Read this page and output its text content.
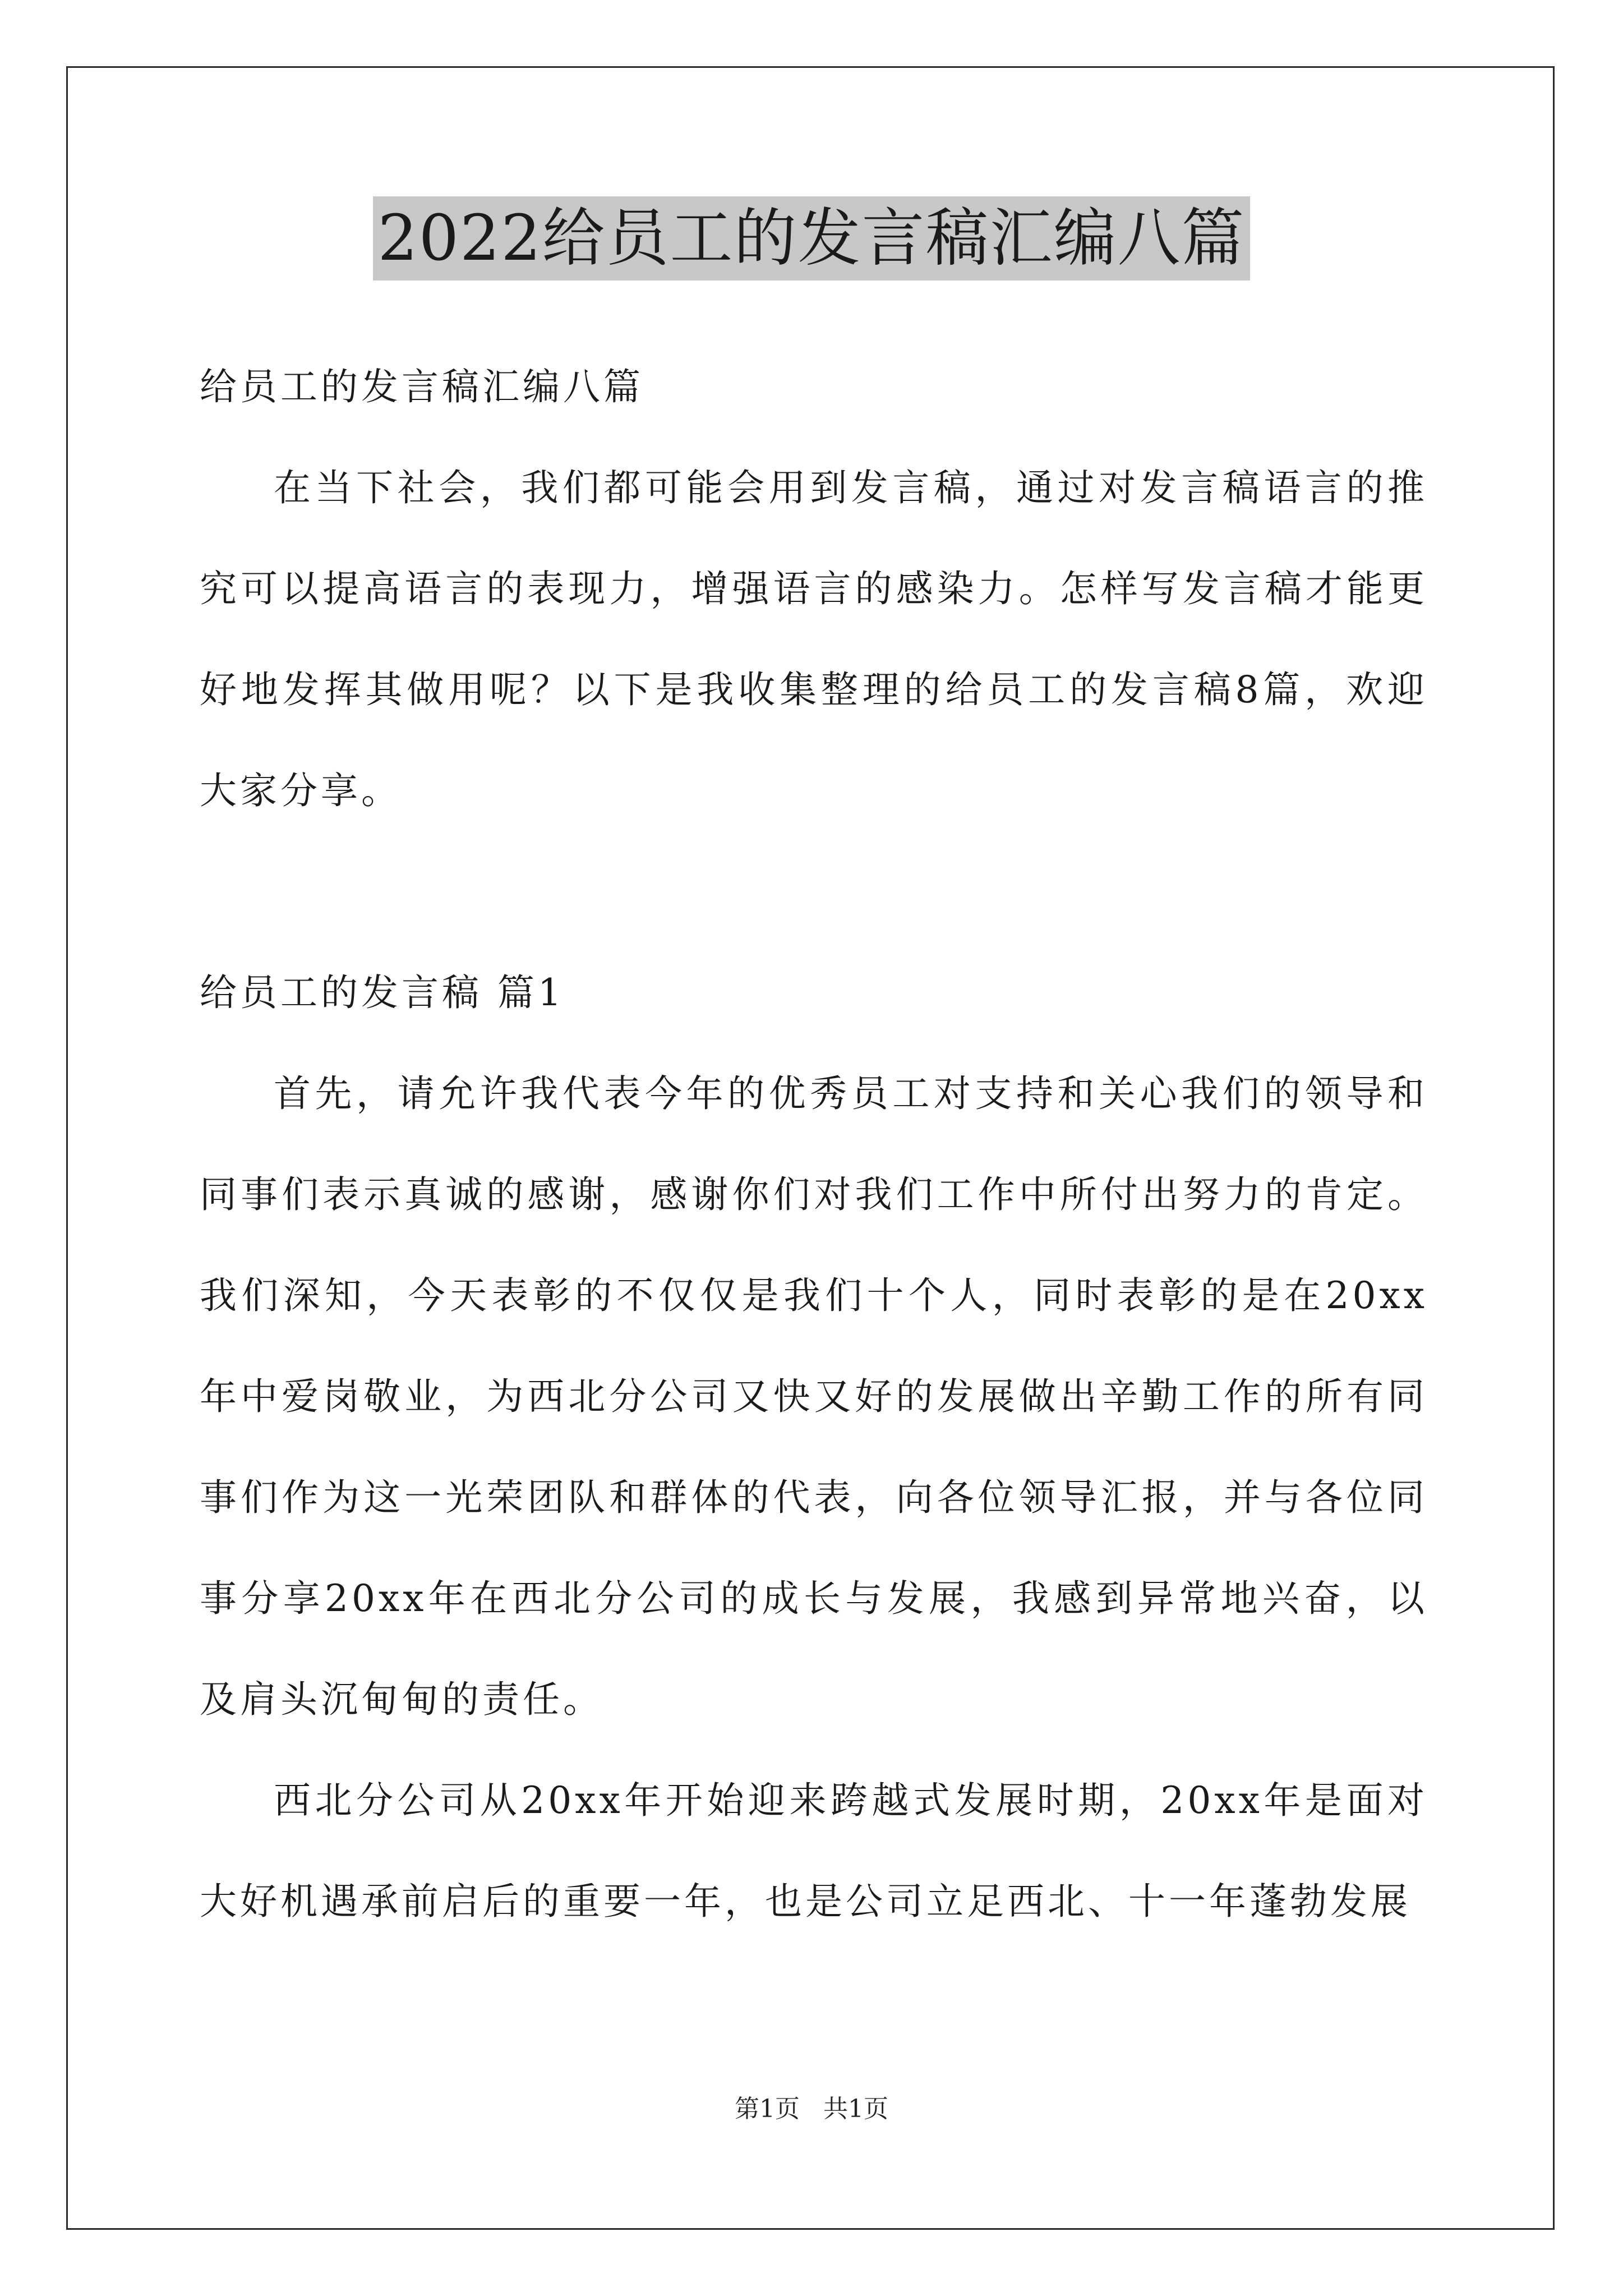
2022给员工的发言稿汇编八篇

给员工的发言稿汇编八篇

在当下社会，我们都可能会用到发言稿，通过对发言稿语言的推究可以提高语言的表现力，增强语言的感染力。怎样写发言稿才能更好地发挥其做用呢？以下是我收集整理的给员工的发言稿8篇，欢迎大家分享。

给员工的发言稿 篇1

首先，请允许我代表今年的优秀员工对支持和关心我们的领导和同事们表示真诚的感谢，感谢你们对我们工作中所付出努力的肯定。我们深知，今天表彰的不仅仅是我们十个人，同时表彰的是在20xx年中爱岗敬业，为西北分公司又快又好的发展做出辛勤工作的所有同事们作为这一光荣团队和群体的代表，向各位领导汇报，并与各位同事分享20xx年在西北分公司的成长与发展，我感到异常地兴奋，以及肩头沉甸甸的责任。

西北分公司从20xx年开始迎来跨越式发展时期，20xx年是面对大好机遇承前启后的重要一年，也是公司立足西北、十一年蓬勃发展

第1页   共1页
